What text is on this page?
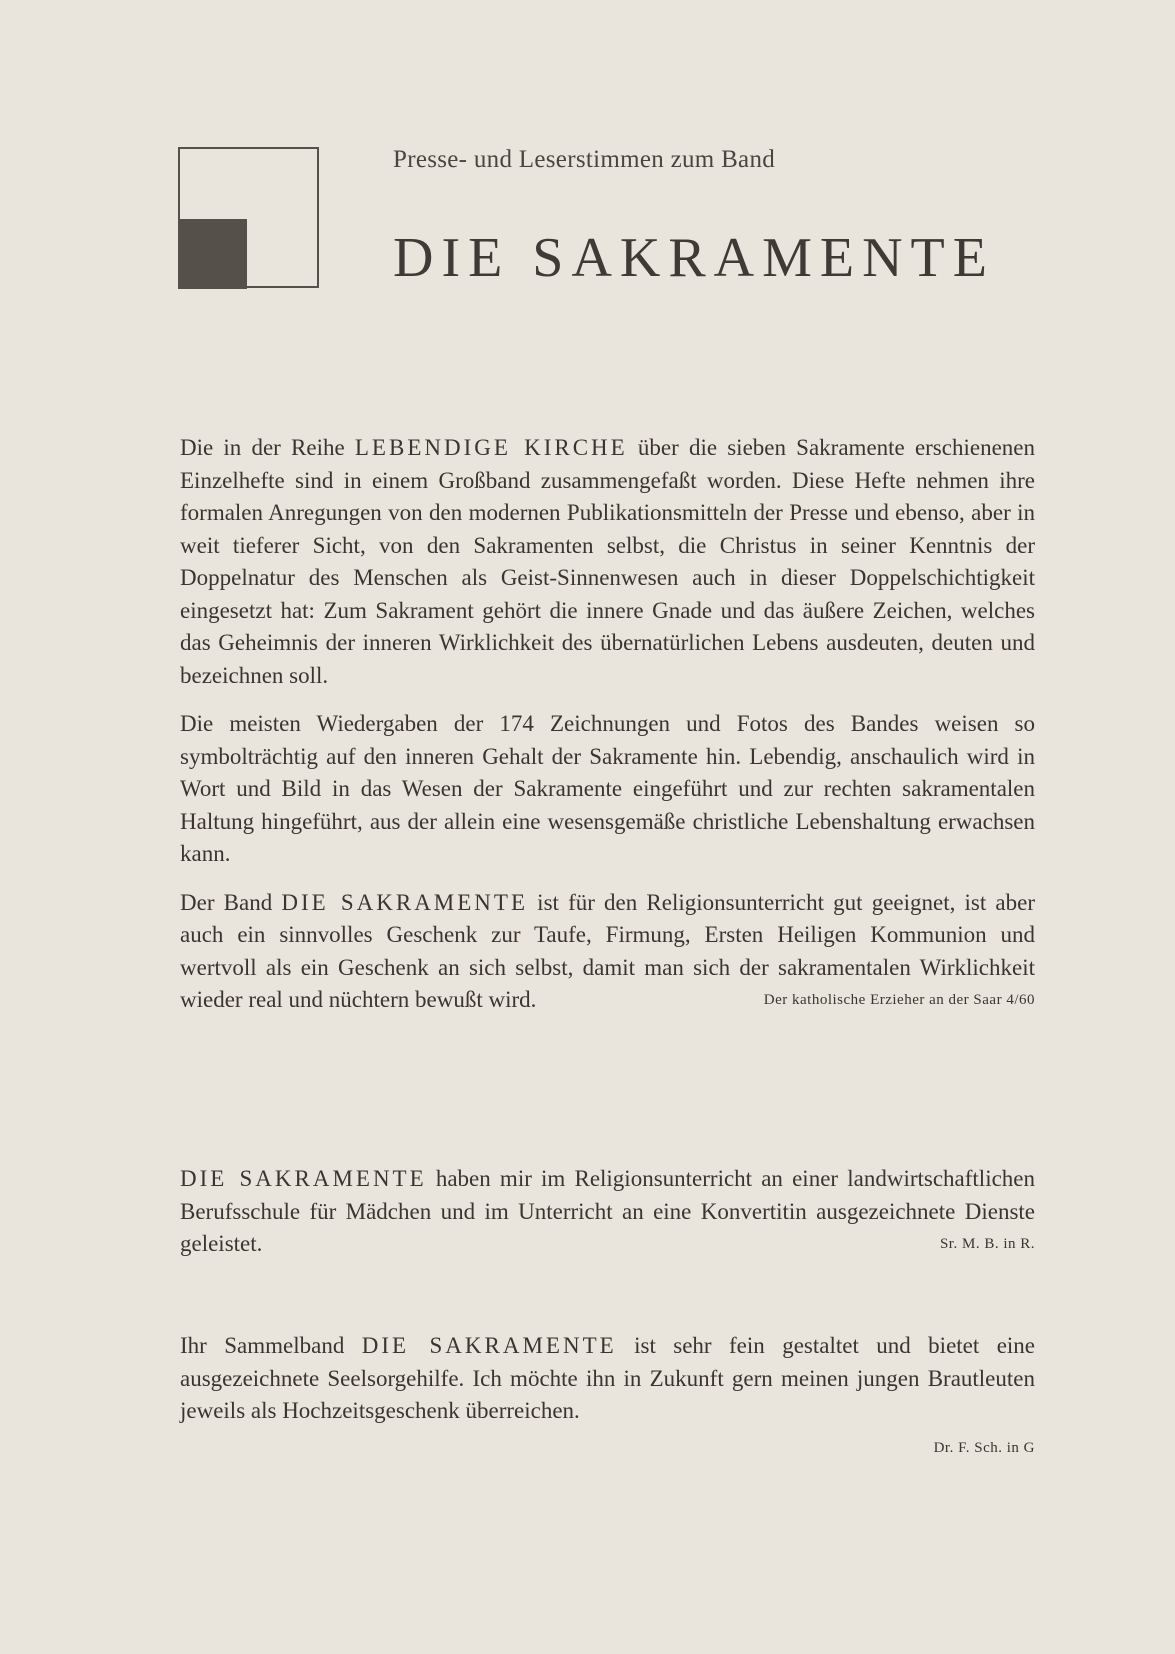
Presse- und Leserstimmen zum Band
DIE SAKRAMENTE

Die in der Reihe LEBENDIGE KIRCHE über die sieben Sakramente erschienenen Einzelhefte sind in einem Großband zusammengefaßt worden. Diese Hefte nehmen ihre formalen Anregungen von den modernen Publikationsmitteln der Presse und ebenso, aber in weit tieferer Sicht, von den Sakramenten selbst, die Christus in seiner Kenntnis der Doppelnatur des Menschen als Geist-Sinnenwesen auch in dieser Doppelschichtigkeit eingesetzt hat: Zum Sakrament gehört die innere Gnade und das äußere Zeichen, welches das Geheimnis der inneren Wirklichkeit des übernatürlichen Lebens ausdeuten, deuten und bezeichnen soll.

Die meisten Wiedergaben der 174 Zeichnungen und Fotos des Bandes weisen so symbolträchtig auf den inneren Gehalt der Sakramente hin. Lebendig, anschaulich wird in Wort und Bild in das Wesen der Sakramente eingeführt und zur rechten sakramentalen Haltung hingeführt, aus der allein eine wesensgemäße christliche Lebenshaltung erwachsen kann.

Der Band DIE SAKRAMENTE ist für den Religionsunterricht gut geeignet, ist aber auch ein sinnvolles Geschenk zur Taufe, Firmung, Ersten Heiligen Kommunion und wertvoll als ein Geschenk an sich selbst, damit man sich der sakramentalen Wirklichkeit wieder real und nüchtern bewußt wird.	Der katholische Erzieher an der Saar 4/60

DIE SAKRAMENTE haben mir im Religionsunterricht an einer landwirtschaftlichen Berufsschule für Mädchen und im Unterricht an eine Konvertitin ausgezeichnete Dienste geleistet.	Sr. M. B. in R.

Ihr Sammelband DIE SAKRAMENTE ist sehr fein gestaltet und bietet eine ausgezeichnete Seelsorgehilfe. Ich möchte ihn in Zukunft gern meinen jungen Brautleuten jeweils als Hochzeitsgeschenk überreichen.
Dr. F. Sch. in G
